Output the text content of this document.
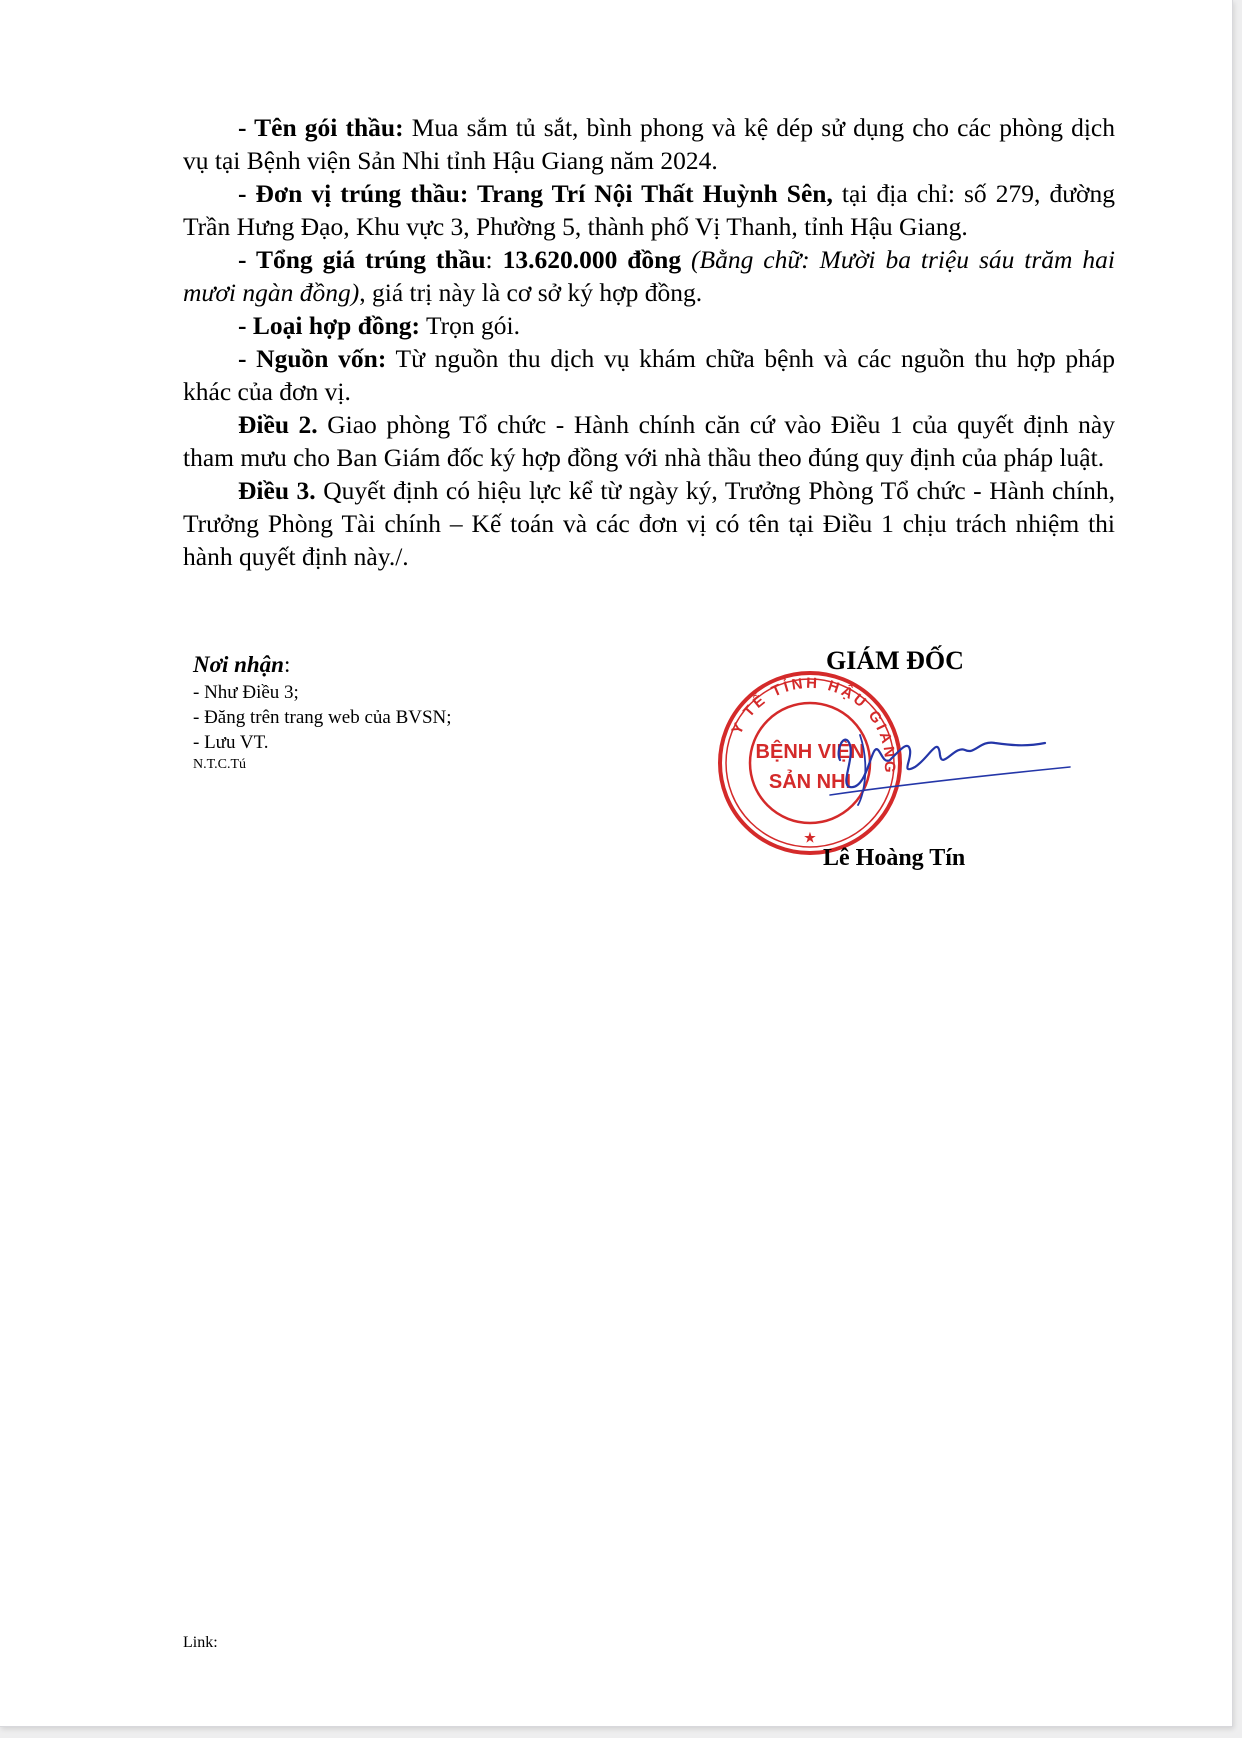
- Tên gói thầu: Mua sắm tủ sắt, bình phong và kệ dép sử dụng cho các phòng dịch vụ tại Bệnh viện Sản Nhi tỉnh Hậu Giang năm 2024.

- Đơn vị trúng thầu: Trang Trí Nội Thất Huỳnh Sên, tại địa chỉ: số 279, đường Trần Hưng Đạo, Khu vực 3, Phường 5, thành phố Vị Thanh, tỉnh Hậu Giang.

- Tổng giá trúng thầu: 13.620.000 đồng (Bằng chữ: Mười ba triệu sáu trăm hai mươi ngàn đồng), giá trị này là cơ sở ký hợp đồng.

- Loại hợp đồng: Trọn gói.

- Nguồn vốn: Từ nguồn thu dịch vụ khám chữa bệnh và các nguồn thu hợp pháp khác của đơn vị.

Điều 2. Giao phòng Tổ chức - Hành chính căn cứ vào Điều 1 của quyết định này tham mưu cho Ban Giám đốc ký hợp đồng với nhà thầu theo đúng quy định của pháp luật.

Điều 3. Quyết định có hiệu lực kể từ ngày ký, Trưởng Phòng Tổ chức - Hành chính, Trưởng Phòng Tài chính – Kế toán và các đơn vị có tên tại Điều 1 chịu trách nhiệm thi hành quyết định này./.

Nơi nhận:
- Như Điều 3;
- Đăng trên trang web của BVSN;
- Lưu VT.
N.T.C.Tú
GIÁM ĐỐC
Y TẾ TỈNH HẬU GIANG
BỆNH VIỆN
SẢN NHI
★
Lê Hoàng Tín
Link:
